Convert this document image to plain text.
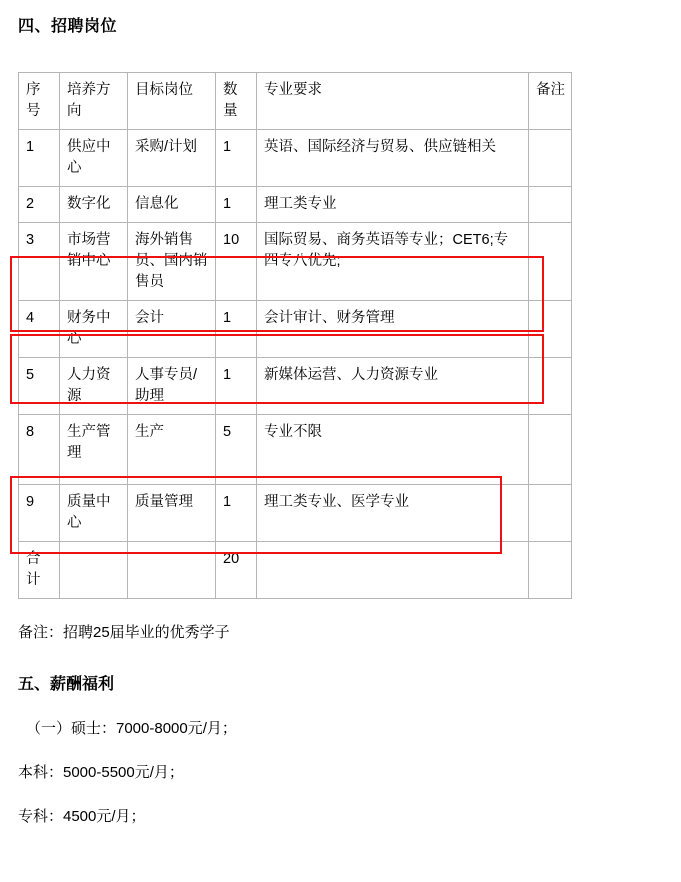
四、招聘岗位
序号	培养方向	目标岗位	数量	专业要求	备注
1	供应中心	采购/计划	1	英语、国际经济与贸易、供应链相关	
2	数字化	信息化	1	理工类专业	
3	市场营销中心	海外销售员、国内销售员	10	国际贸易、商务英语等专业；CET6;专四专八优先;	
4	财务中心	会计	1	会计审计、财务管理	
5	人力资源	人事专员/助理	1	新媒体运营、人力资源专业	
8	生产管理	生产	5	专业不限	
9	质量中心	质量管理	1	理工类专业、医学专业	
合计			20		
备注：招聘25届毕业的优秀学子
五、薪酬福利
（一）硕士：7000-8000元/月；
本科：5000-5500元/月；
专科：4500元/月；
